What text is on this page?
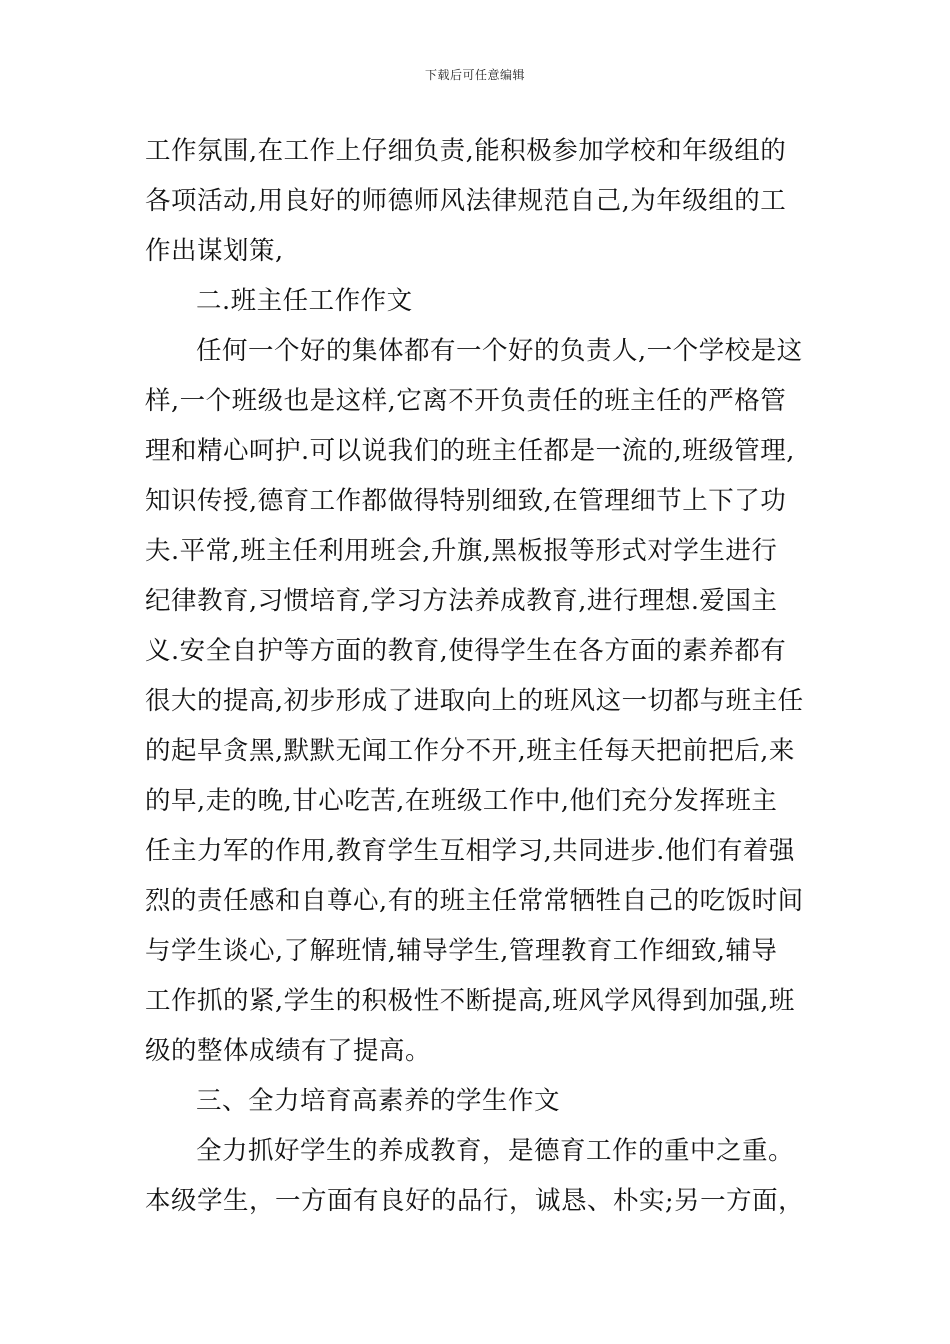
下载后可任意编辑
工作氛围,在工作上仔细负责,能积极参加学校和年级组的
各项活动,用良好的师德师风法律规范自己,为年级组的工
作出谋划策,
二.班主任工作作文
任何一个好的集体都有一个好的负责人,一个学校是这
样,一个班级也是这样,它离不开负责任的班主任的严格管
理和精心呵护.可以说我们的班主任都是一流的,班级管理,
知识传授,德育工作都做得特别细致,在管理细节上下了功
夫.平常,班主任利用班会,升旗,黑板报等形式对学生进行
纪律教育,习惯培育,学习方法养成教育,进行理想.爱国主
义.安全自护等方面的教育,使得学生在各方面的素养都有
很大的提高,初步形成了进取向上的班风这一切都与班主任
的起早贪黑,默默无闻工作分不开,班主任每天把前把后,来
的早,走的晚,甘心吃苦,在班级工作中,他们充分发挥班主
任主力军的作用,教育学生互相学习,共同进步.他们有着强
烈的责任感和自尊心,有的班主任常常牺牲自己的吃饭时间
与学生谈心,了解班情,辅导学生,管理教育工作细致,辅导
工作抓的紧,学生的积极性不断提高,班风学风得到加强,班
级的整体成绩有了提高。
三、全力培育高素养的学生作文
全力抓好学生的养成教育，是德育工作的重中之重。
本级学生，一方面有良好的品行，诚恳、朴实;另一方面，
